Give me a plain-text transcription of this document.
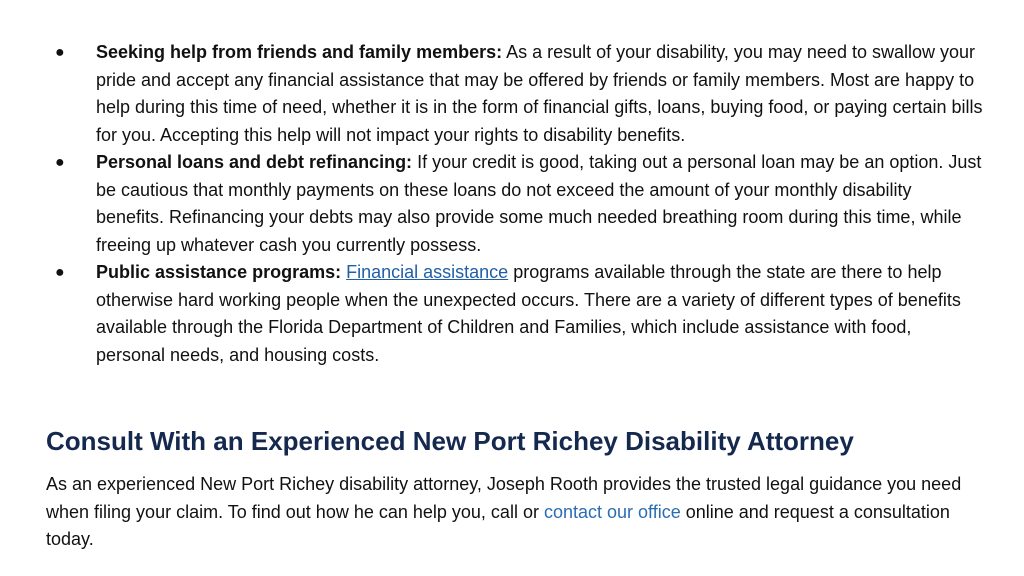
● Seeking help from friends and family members: As a result of your disability, you may need to swallow your pride and accept any financial assistance that may be offered by friends or family members. Most are happy to help during this time of need, whether it is in the form of financial gifts, loans, buying food, or paying certain bills for you. Accepting this help will not impact your rights to disability benefits.
● Personal loans and debt refinancing: If your credit is good, taking out a personal loan may be an option. Just be cautious that monthly payments on these loans do not exceed the amount of your monthly disability benefits. Refinancing your debts may also provide some much needed breathing room during this time, while freeing up whatever cash you currently possess.
● Public assistance programs: Financial assistance programs available through the state are there to help otherwise hard working people when the unexpected occurs. There are a variety of different types of benefits available through the Florida Department of Children and Families, which include assistance with food, personal needs, and housing costs.
Consult With an Experienced New Port Richey Disability Attorney

As an experienced New Port Richey disability attorney, Joseph Rooth provides the trusted legal guidance you need when filing your claim. To find out how he can help you, call or contact our office online and request a consultation today.
